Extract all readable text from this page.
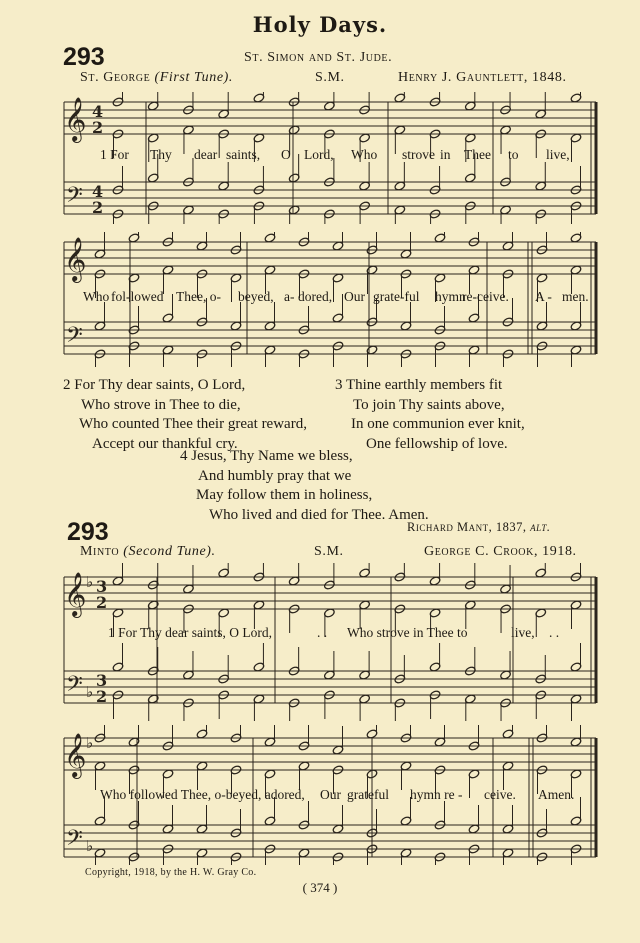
Holy Days.
293	St. Simon and St. Jude.
St. George (First Tune).	S.M.	Henry J. Gauntlett, 1848.
𝄞
𝄢
4
2
4
2
1 For Thy dear saints, O Lord, Who strove in Thee to live,
𝄞
𝄢
Who fol-lowed Thee, o- beyed, a- dored, Our grate-ful hymn
re-ceive. A - men.
2 For Thy dear saints, O Lord,
Who strove in Thee to die,
Who counted Thee their great reward,
Accept our thankful cry.
3 Thine earthly members fit
To join Thy saints above,
In one communion ever knit,
One fellowship of love.
4 Jesus, Thy Name we bless,
And humbly pray that we
May follow them in holiness,
Who lived and died for Thee. Amen.
293	Richard Mant, 1837, alt.
Minto (Second Tune).	S.M.	George C. Crook, 1918.
𝄞
𝄢
♭
♭
3
2
3
2
1 For Thy dear saints, O Lord,	. . Who strove in Thee to	live, . .
𝄞
𝄢
♭
♭
Who followed Thee, o-beyed, adored, Our grateful hymn re - ceive. Amen.
Copyright, 1918, by the H. W. Gray Co.
( 374 )
